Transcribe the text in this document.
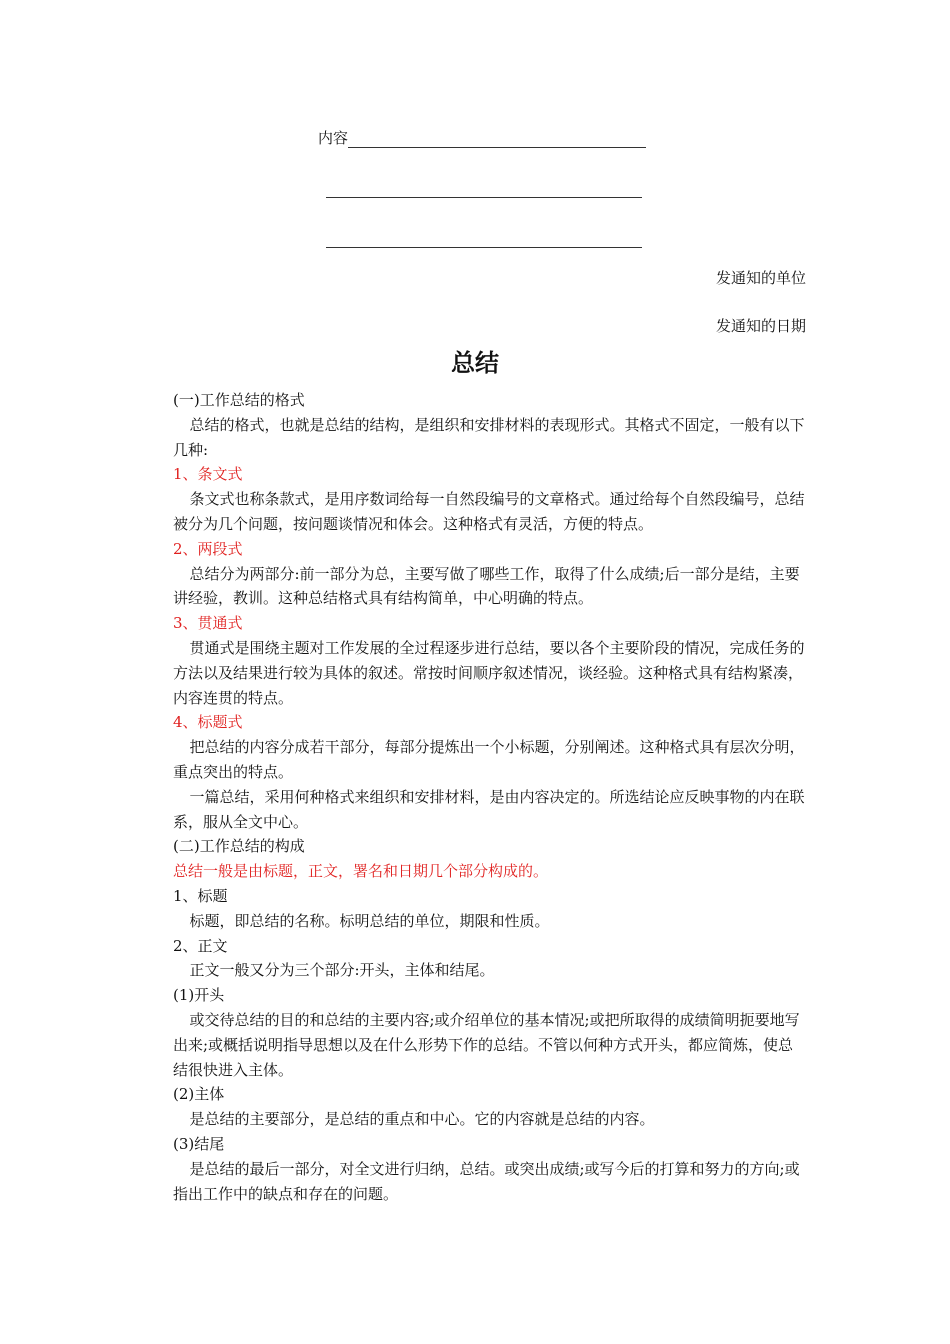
内容
发通知的单位
发通知的日期
总结

(一)工作总结的格式

总结的格式，也就是总结的结构，是组织和安排材料的表现形式。其格式不固定，一般有以下几种:

1、条文式

条文式也称条款式，是用序数词给每一自然段编号的文章格式。通过给每个自然段编号，总结被分为几个问题，按问题谈情况和体会。这种格式有灵活，方便的特点。

2、两段式

总结分为两部分:前一部分为总，主要写做了哪些工作，取得了什么成绩;后一部分是结，主要讲经验，教训。这种总结格式具有结构简单，中心明确的特点。

3、贯通式

贯通式是围绕主题对工作发展的全过程逐步进行总结，要以各个主要阶段的情况，完成任务的方法以及结果进行较为具体的叙述。常按时间顺序叙述情况，谈经验。这种格式具有结构紧凑，内容连贯的特点。

4、标题式

把总结的内容分成若干部分，每部分提炼出一个小标题，分别阐述。这种格式具有层次分明，重点突出的特点。

一篇总结，采用何种格式来组织和安排材料，是由内容决定的。所选结论应反映事物的内在联系，服从全文中心。

(二)工作总结的构成

总结一般是由标题，正文，署名和日期几个部分构成的。

1、标题

标题，即总结的名称。标明总结的单位，期限和性质。

2、正文

正文一般又分为三个部分:开头，主体和结尾。

(1)开头

或交待总结的目的和总结的主要内容;或介绍单位的基本情况;或把所取得的成绩简明扼要地写出来;或概括说明指导思想以及在什么形势下作的总结。不管以何种方式开头，都应简炼，使总结很快进入主体。

(2)主体

是总结的主要部分，是总结的重点和中心。它的内容就是总结的内容。

(3)结尾

是总结的最后一部分，对全文进行归纳，总结。或突出成绩;或写今后的打算和努力的方向;或指出工作中的缺点和存在的问题。
